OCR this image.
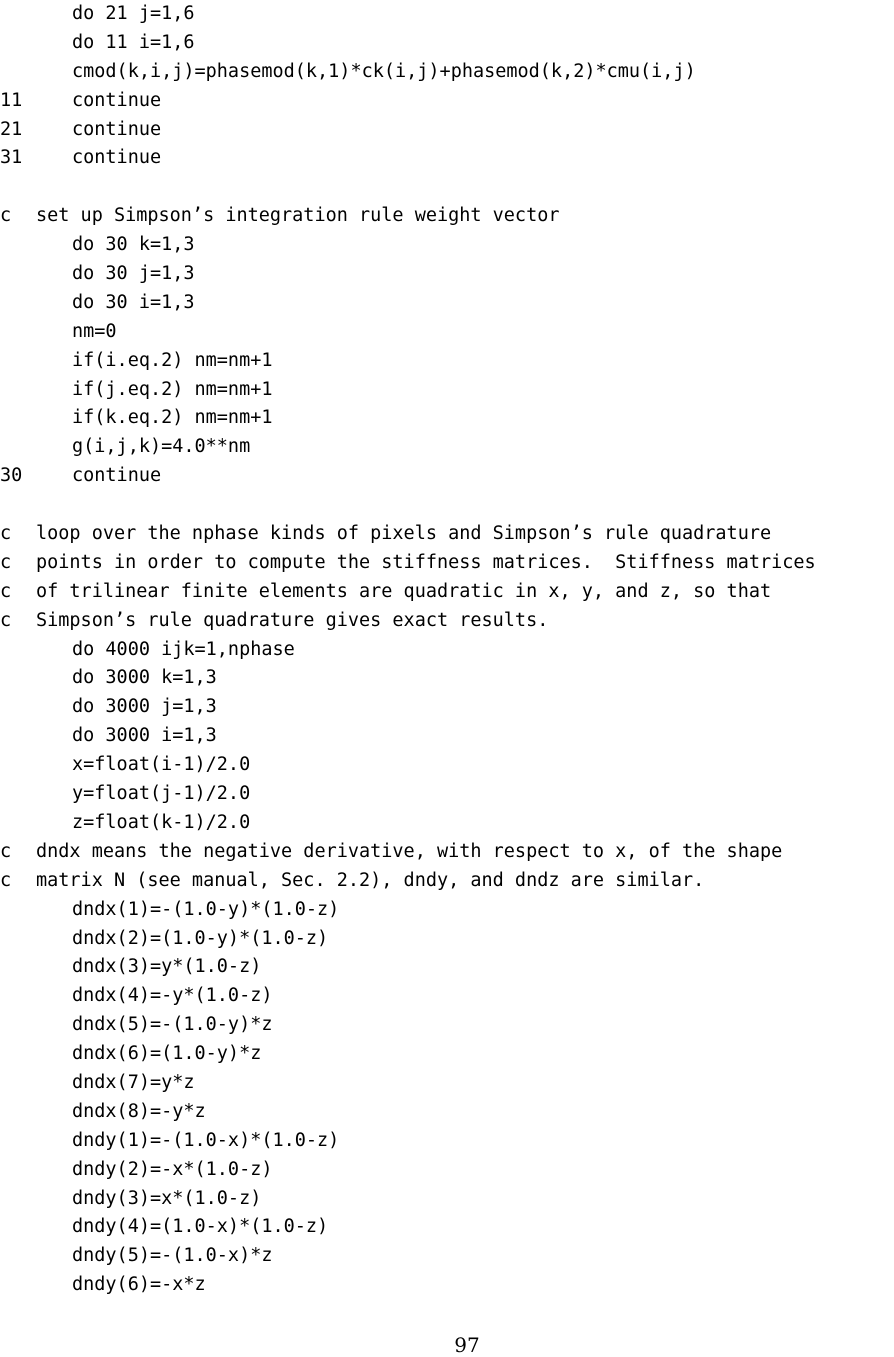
do 21 j=1,6
do 11 i=1,6
cmod(k,i,j)=phasemod(k,1)*ck(i,j)+phasemod(k,2)*cmu(i,j)
11	continue
21	continue
31	continue
c set up Simpson’s integration rule weight vector
do 30 k=1,3
do 30 j=1,3
do 30 i=1,3
nm=0
if(i.eq.2) nm=nm+1
if(j.eq.2) nm=nm+1
if(k.eq.2) nm=nm+1
g(i,j,k)=4.0**nm
30	continue
c loop over the nphase kinds of pixels and Simpson’s rule quadrature
c points in order to compute the stiffness matrices.  Stiffness matrices
c of trilinear finite elements are quadratic in x, y, and z, so that
c Simpson’s rule quadrature gives exact results.
do 4000 ijk=1,nphase
do 3000 k=1,3
do 3000 j=1,3
do 3000 i=1,3
x=float(i-1)/2.0
y=float(j-1)/2.0
z=float(k-1)/2.0
c dndx means the negative derivative, with respect to x, of the shape
c matrix N (see manual, Sec. 2.2), dndy, and dndz are similar.
dndx(1)=-(1.0-y)*(1.0-z)
dndx(2)=(1.0-y)*(1.0-z)
dndx(3)=y*(1.0-z)
dndx(4)=-y*(1.0-z)
dndx(5)=-(1.0-y)*z
dndx(6)=(1.0-y)*z
dndx(7)=y*z
dndx(8)=-y*z
dndy(1)=-(1.0-x)*(1.0-z)
dndy(2)=-x*(1.0-z)
dndy(3)=x*(1.0-z)
dndy(4)=(1.0-x)*(1.0-z)
dndy(5)=-(1.0-x)*z
dndy(6)=-x*z
97
